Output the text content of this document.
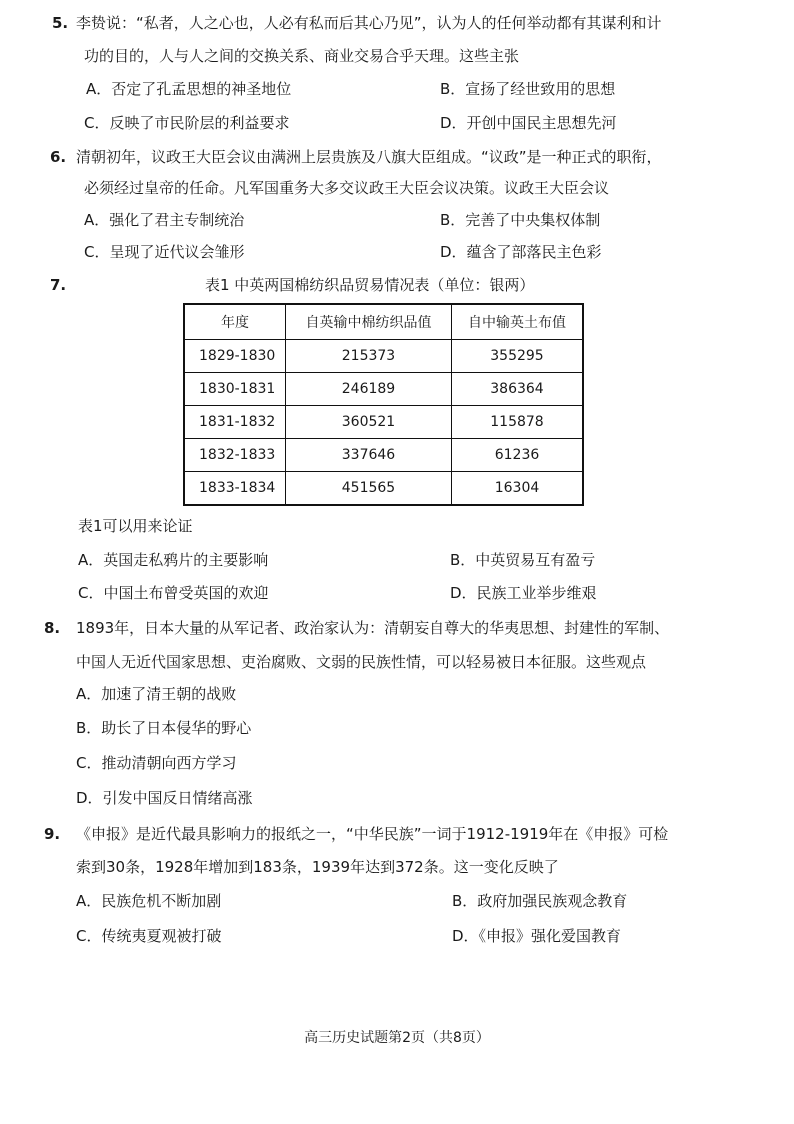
5. 李贽说：“私者，人之心也，人必有私而后其心乃见”，认为人的任何举动都有其谋利和计
功的目的，人与人之间的交换关系、商业交易合乎天理。这些主张
A．否定了孔孟思想的神圣地位	B．宣扬了经世致用的思想
C．反映了市民阶层的利益要求	D．开创中国民主思想先河
6. 清朝初年，议政王大臣会议由满洲上层贵族及八旗大臣组成。“议政”是一种正式的职衔，
必须经过皇帝的任命。凡军国重务大多交议政王大臣会议决策。议政王大臣会议
A．强化了君主专制统治	B．完善了中央集权体制
C．呈现了近代议会雏形	D．蕴含了部落民主色彩
7.	表1 中英两国棉纺织品贸易情况表（单位：银两）
年度	自英输中棉纺织品值	自中输英土布值
1829-1830	215373	355295
1830-1831	246189	386364
1831-1832	360521	115878
1832-1833	337646	61236
1833-1834	451565	16304
表1可以用来论证
A．英国走私鸦片的主要影响	B．中英贸易互有盈亏
C．中国土布曾受英国的欢迎	D．民族工业举步维艰
8. 1893年，日本大量的从军记者、政治家认为：清朝妄自尊大的华夷思想、封建性的军制、
中国人无近代国家思想、吏治腐败、文弱的民族性情，可以轻易被日本征服。这些观点
A．加速了清王朝的战败
B．助长了日本侵华的野心
C．推动清朝向西方学习
D．引发中国反日情绪高涨
9. 《申报》是近代最具影响力的报纸之一，“中华民族”一词于1912-1919年在《申报》可检
索到30条，1928年增加到183条，1939年达到372条。这一变化反映了
A．民族危机不断加剧	B．政府加强民族观念教育
C．传统夷夏观被打破	D．《申报》强化爱国教育
高三历史试题第2页（共8页）
